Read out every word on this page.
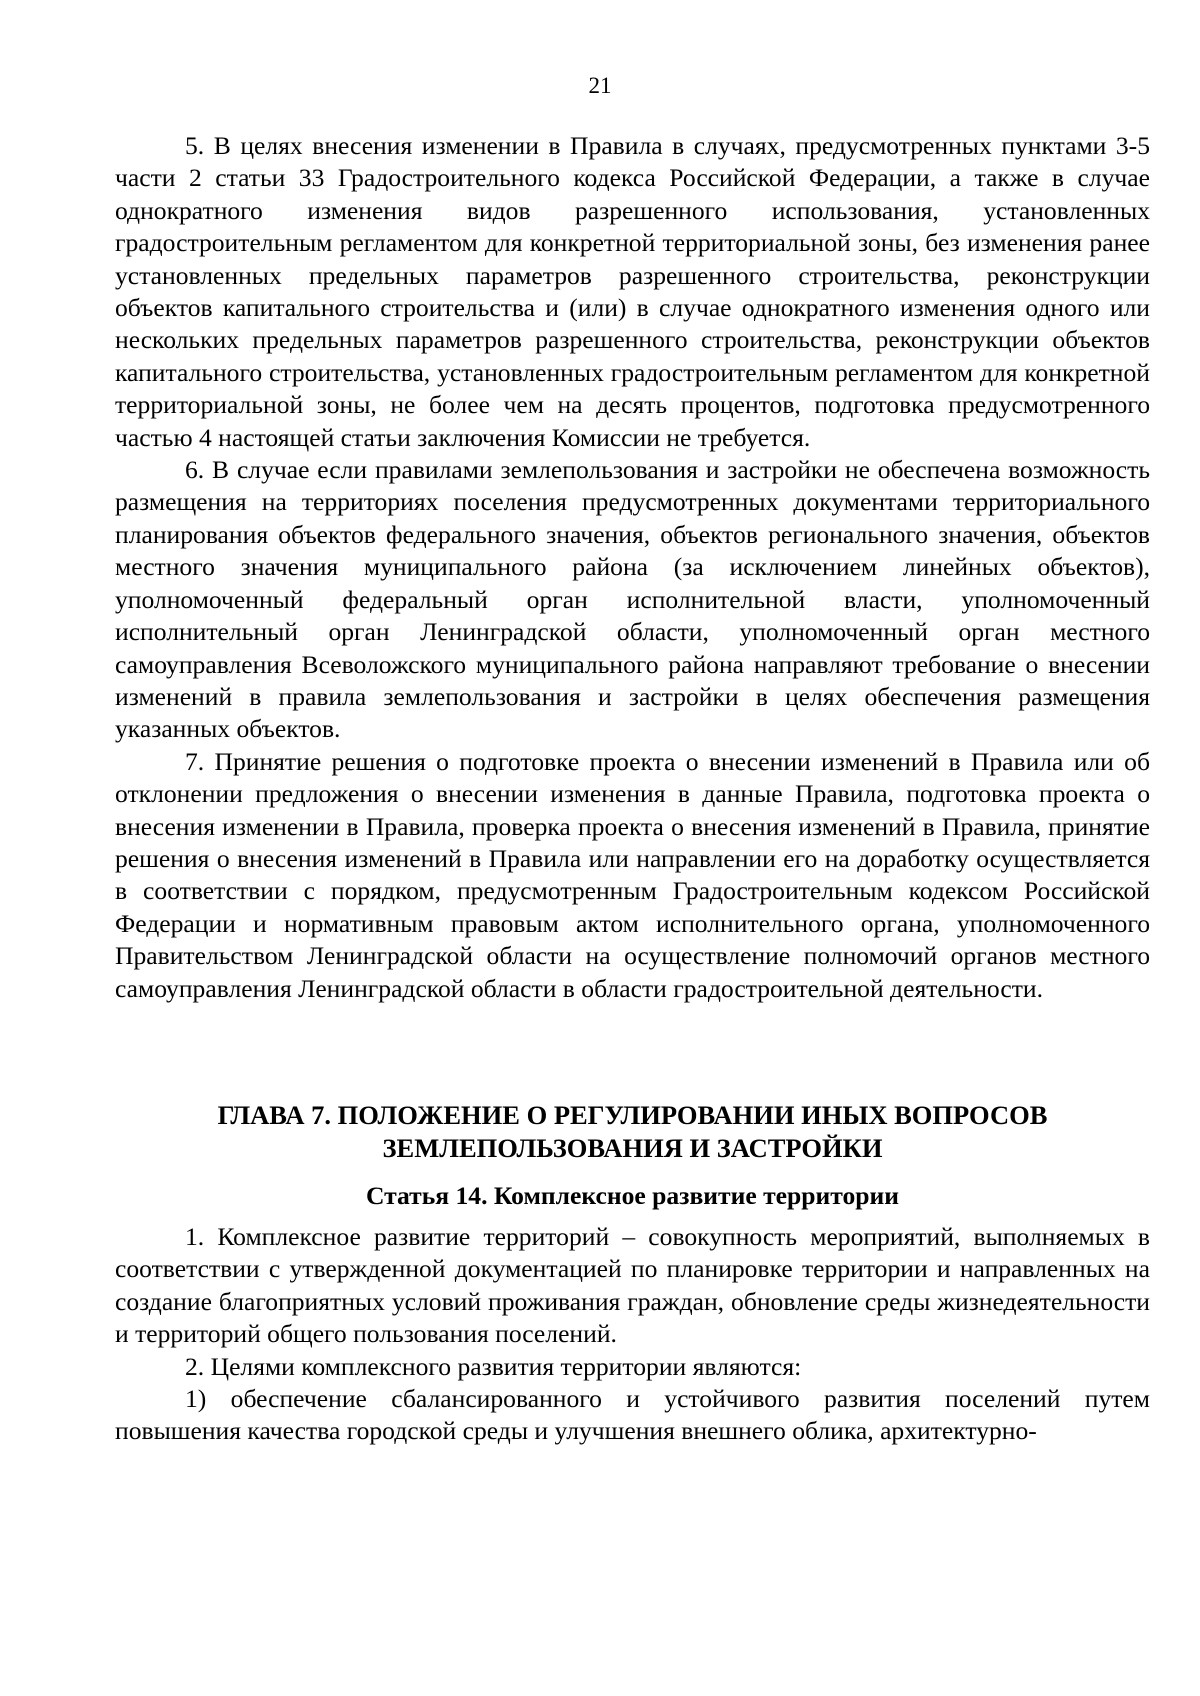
21

5. В целях внесения изменении в Правила в случаях, предусмотренных пунктами 3-5 части 2 статьи 33 Градостроительного кодекса Российской Федерации, а также в случае однократного изменения видов разрешенного использования, установленных градостроительным регламентом для конкретной территориальной зоны, без изменения ранее установленных предельных параметров разрешенного строительства, реконструкции объектов капитального строительства и (или) в случае однократного изменения одного или нескольких предельных параметров разрешенного строительства, реконструкции объектов капитального строительства, установленных градостроительным регламентом для конкретной территориальной зоны, не более чем на десять процентов, подготовка предусмотренного частью 4 настоящей статьи заключения Комиссии не требуется.

6. В случае если правилами землепользования и застройки не обеспечена возможность размещения на территориях поселения предусмотренных документами территориального планирования объектов федерального значения, объектов регионального значения, объектов местного значения муниципального района (за исключением линейных объектов), уполномоченный федеральный орган исполнительной власти, уполномоченный исполнительный орган Ленинградской области, уполномоченный орган местного самоуправления Всеволожского муниципального района направляют требование о внесении изменений в правила землепользования и застройки в целях обеспечения размещения указанных объектов.

7. Принятие решения о подготовке проекта о внесении изменений в Правила или об отклонении предложения о внесении изменения в данные Правила, подготовка проекта о внесения изменении в Правила, проверка проекта о внесения изменений в Правила, принятие решения о внесения изменений в Правила или направлении его на доработку осуществляется в соответствии с порядком, предусмотренным Градостроительным кодексом Российской Федерации и нормативным правовым актом исполнительного органа, уполномоченного Правительством Ленинградской области на осуществление полномочий органов местного самоуправления Ленинградской области в области градостроительной деятельности.

ГЛАВА 7. ПОЛОЖЕНИЕ О РЕГУЛИРОВАНИИ ИНЫХ ВОПРОСОВ
ЗЕМЛЕПОЛЬЗОВАНИЯ И ЗАСТРОЙКИ
Статья 14. Комплексное развитие территории

1. Комплексное развитие территорий – совокупность мероприятий, выполняемых в соответствии с утвержденной документацией по планировке территории и направленных на создание благоприятных условий проживания граждан, обновление среды жизнедеятельности и территорий общего пользования поселений.

2. Целями комплексного развития территории являются:

1) обеспечение сбалансированного и устойчивого развития поселений путем повышения качества городской среды и улучшения внешнего облика, архитектурно-
